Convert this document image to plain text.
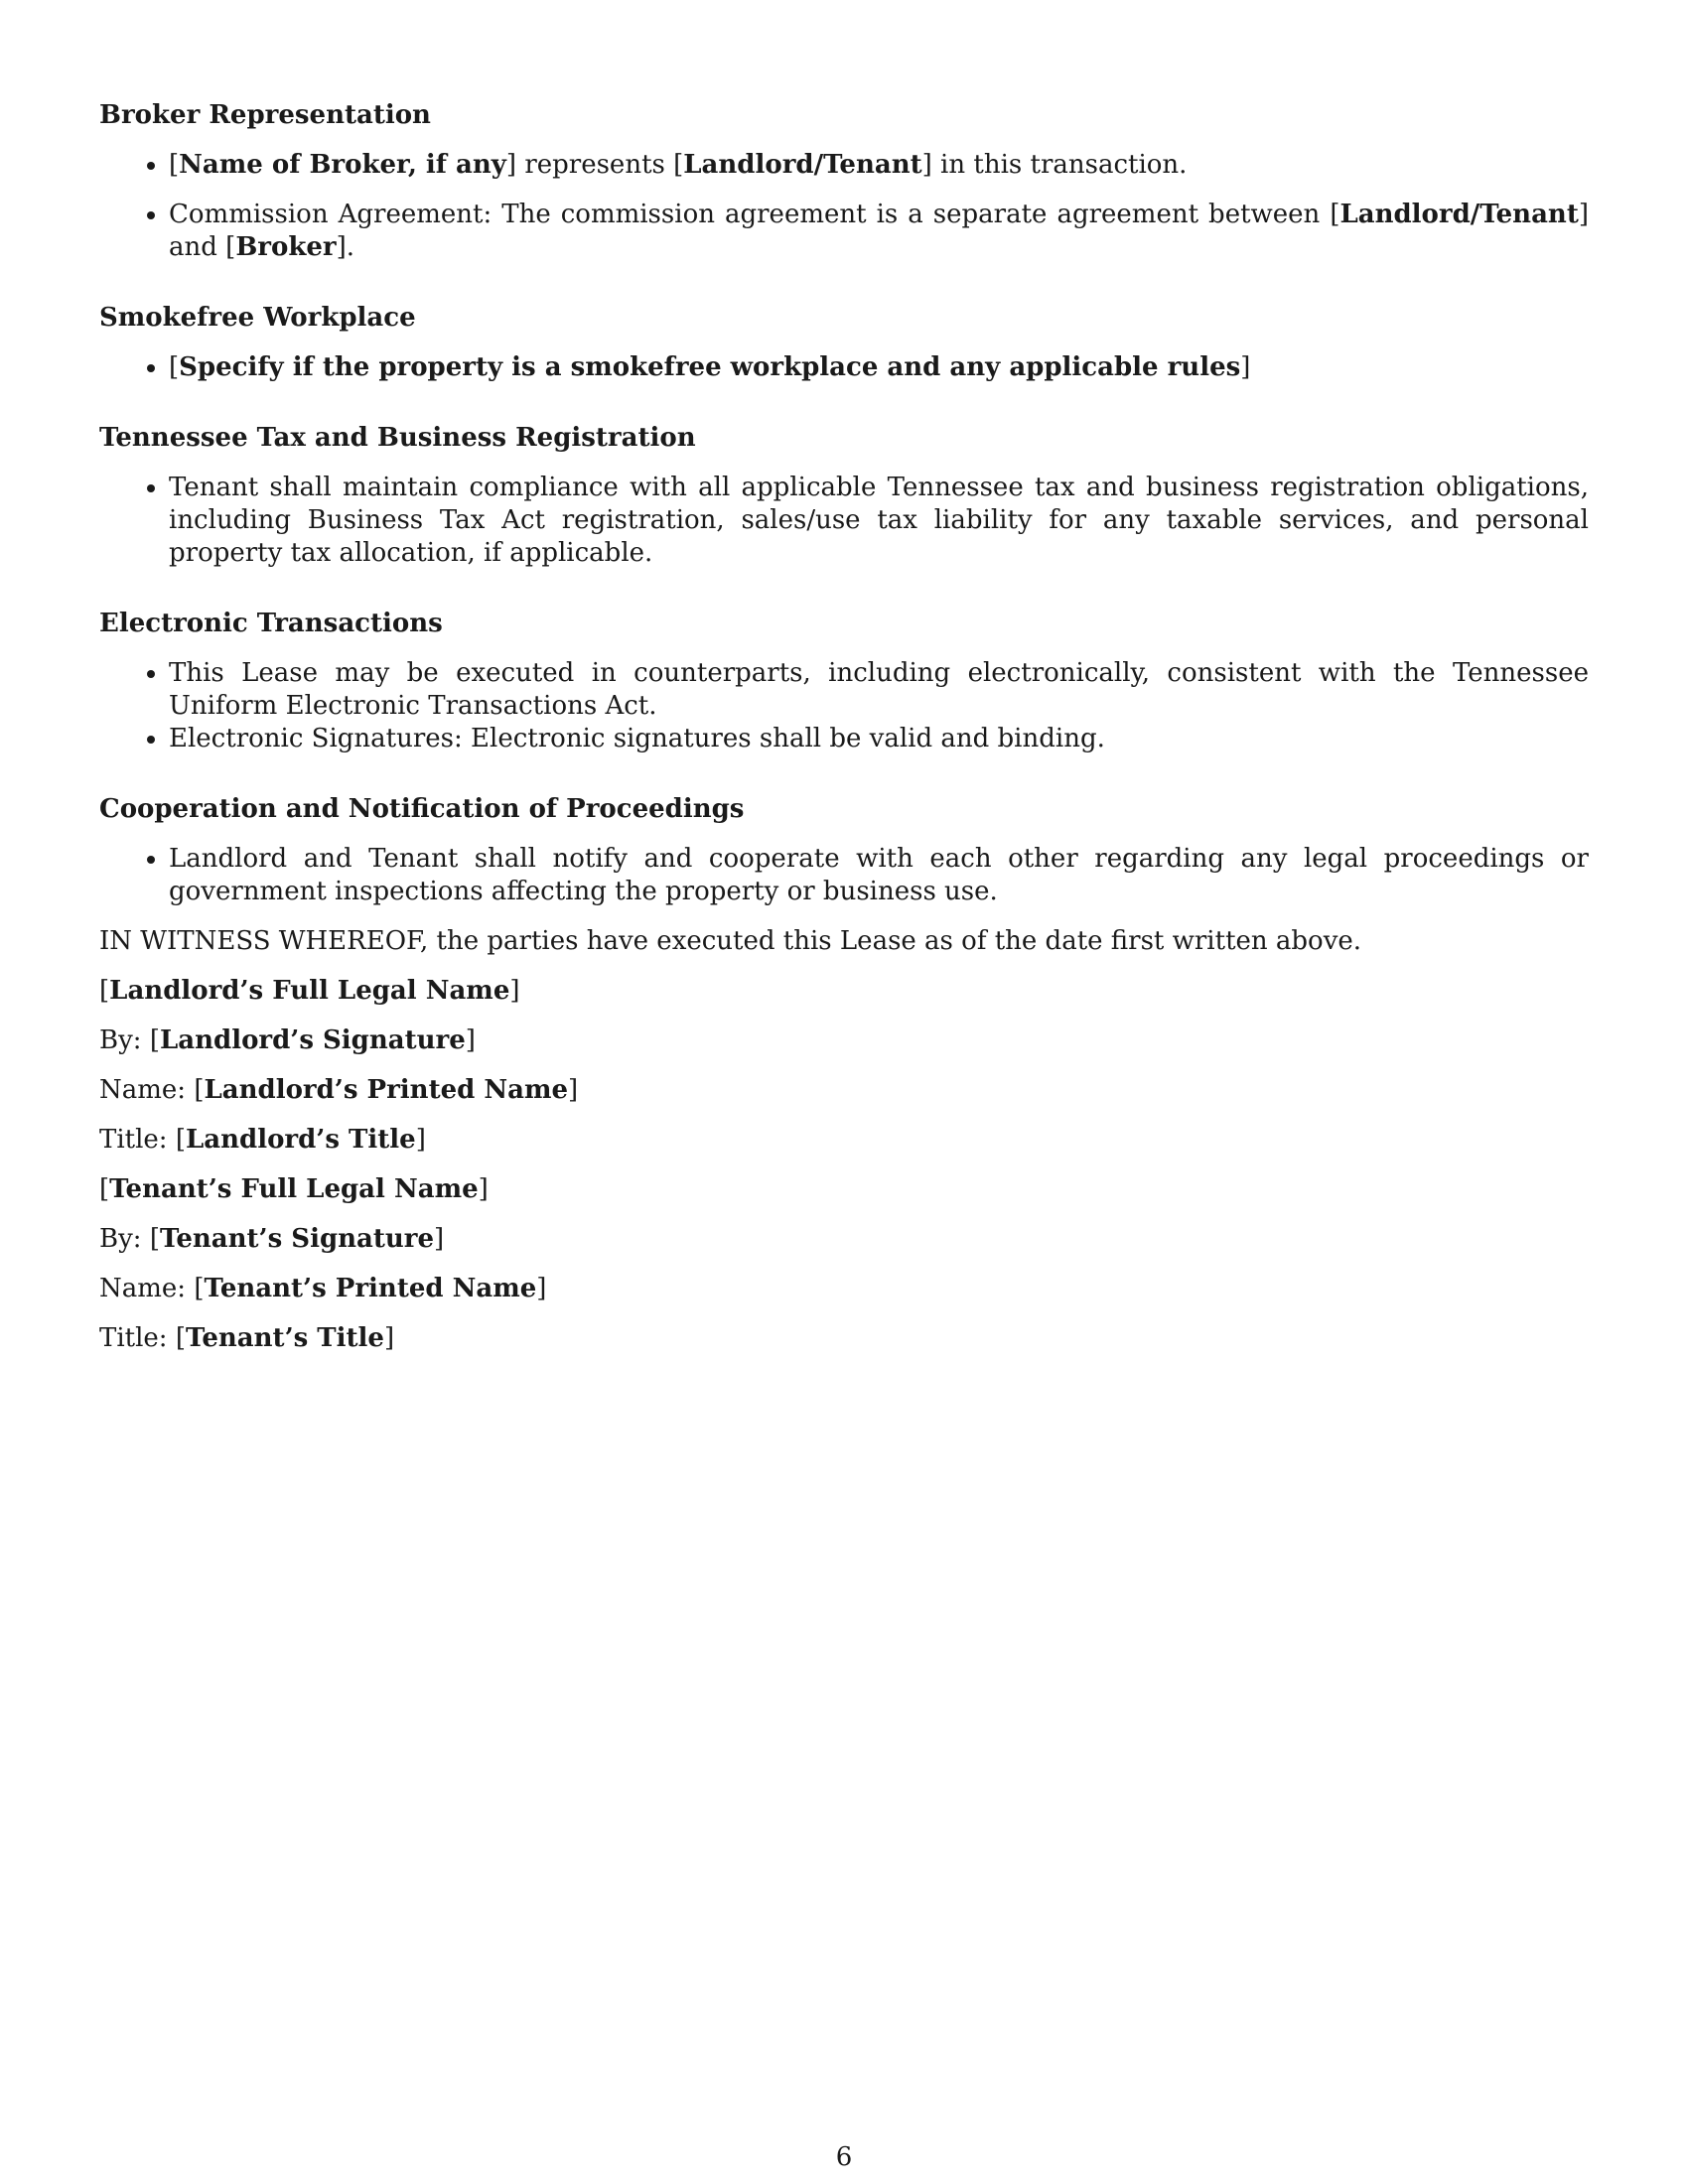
Broker Representation
• [Name of Broker, if any] represents [Landlord/Tenant] in this transaction.
• Commission Agreement: The commission agreement is a separate agreement between [Landlord/Tenant] and [Broker].
Smokefree Workplace
• [Specify if the property is a smokefree workplace and any applicable rules]
Tennessee Tax and Business Registration
• Tenant shall maintain compliance with all applicable Tennessee tax and business registration obligations, including Business Tax Act registration, sales/use tax liability for any taxable services, and personal property tax allocation, if applicable.
Electronic Transactions
• This Lease may be executed in counterparts, including electronically, consistent with the Tennessee Uniform Electronic Transactions Act.
• Electronic Signatures: Electronic signatures shall be valid and binding.
Cooperation and Notification of Proceedings
• Landlord and Tenant shall notify and cooperate with each other regarding any legal proceedings or government inspections affecting the property or business use.

IN WITNESS WHEREOF, the parties have executed this Lease as of the date first written above.

[Landlord’s Full Legal Name]

By: [Landlord’s Signature]

Name: [Landlord’s Printed Name]

Title: [Landlord’s Title]

[Tenant’s Full Legal Name]

By: [Tenant’s Signature]

Name: [Tenant’s Printed Name]

Title: [Tenant’s Title]

6
